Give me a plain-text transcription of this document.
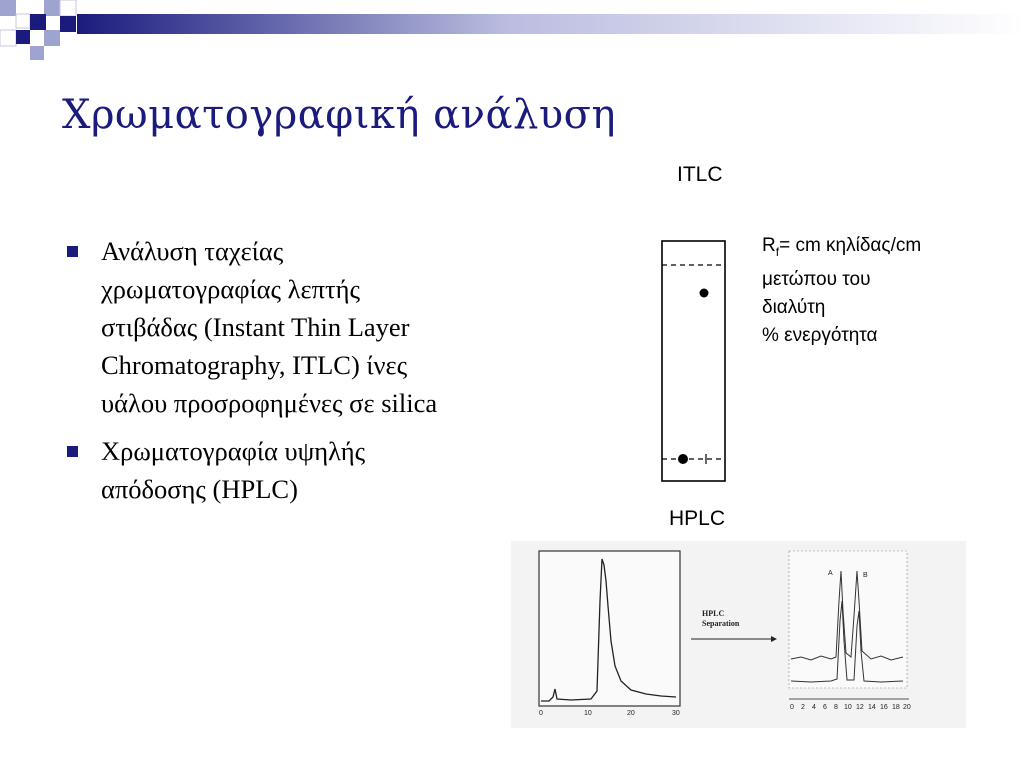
Χρωματογραφική ανάλυση
Ανάλυση ταχείας χρωματογραφίας λεπτής στιβάδας (Instant Thin Layer Chromatography, ITLC) ίνες υάλου προσροφημένες σε silica
Χρωματογραφία υψηλής απόδοσης (HPLC)
ITLC
$R_f=$ cm κηλίδας/cm
μετώπου του
διαλύτη
% ενεργότητα
HPLC
0	10	20	30
HPLC
Separation
A	B
0 2 4 6 8 10 12 14 16 18 20
